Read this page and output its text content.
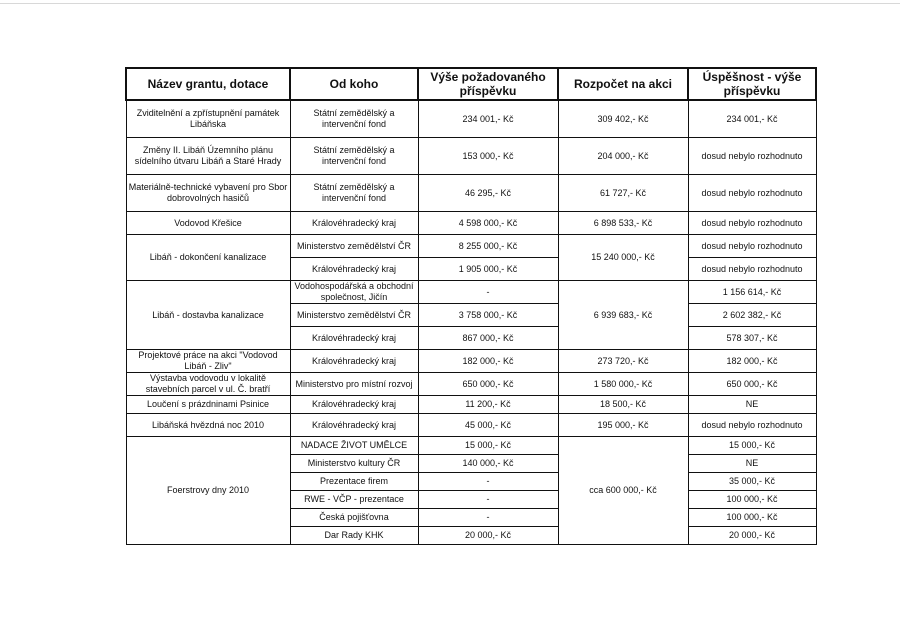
Název grantu, dotace	Od koho	Výše požadovaného příspěvku	Rozpočet na akci	Úspěšnost - výše příspěvku
Zviditelnění a zpřístupnění památek Libáňska	Státní zemědělský a intervenční fond	234 001,- Kč	309 402,- Kč	234 001,- Kč
Změny II. Libáň Územního plánu sídelního útvaru Libáň a Staré Hrady	Státní zemědělský a intervenční fond	153 000,- Kč	204 000,- Kč	dosud nebylo rozhodnuto
Materiálně-technické vybavení pro Sbor dobrovolných hasičů	Státní zemědělský a intervenční fond	46 295,- Kč	61 727,- Kč	dosud nebylo rozhodnuto
Vodovod Křešice	Královéhradecký kraj	4 598 000,- Kč	6 898 533,- Kč	dosud nebylo rozhodnuto
Libáň - dokončení kanalizace	Ministerstvo zemědělství ČR	8 255 000,- Kč	15 240 000,- Kč	dosud nebylo rozhodnuto
	Královéhradecký kraj	1 905 000,- Kč		dosud nebylo rozhodnuto
Libáň - dostavba kanalizace	Vodohospodářská a obchodní společnost, Jičín	-	6 939 683,- Kč	1 156 614,- Kč
	Ministerstvo zemědělství ČR	3 758 000,- Kč		2 602 382,- Kč
	Královéhradecký kraj	867 000,- Kč		578 307,- Kč
Projektové práce na akci "Vodovod Libáň - Zliv"	Královéhradecký kraj	182 000,- Kč	273 720,- Kč	182 000,- Kč
Výstavba vodovodu v lokalitě stavebních parcel v ul. Č. bratří	Ministerstvo pro místní rozvoj	650 000,- Kč	1 580 000,- Kč	650 000,- Kč
Loučení s prázdninami Psinice	Královéhradecký kraj	11 200,- Kč	18 500,- Kč	NE
Libáňská hvězdná noc 2010	Královéhradecký kraj	45 000,- Kč	195 000,- Kč	dosud nebylo rozhodnuto
Foerstrovy dny 2010	NADACE ŽIVOT UMĚLCE	15 000,- Kč	cca 600 000,- Kč	15 000,- Kč
	Ministerstvo kultury ČR	140 000,- Kč		NE
	Prezentace firem	-		35 000,- Kč
	RWE - VČP - prezentace	-		100 000,- Kč
	Česká pojišťovna	-		100 000,- Kč
	Dar Rady KHK	20 000,- Kč		20 000,- Kč
